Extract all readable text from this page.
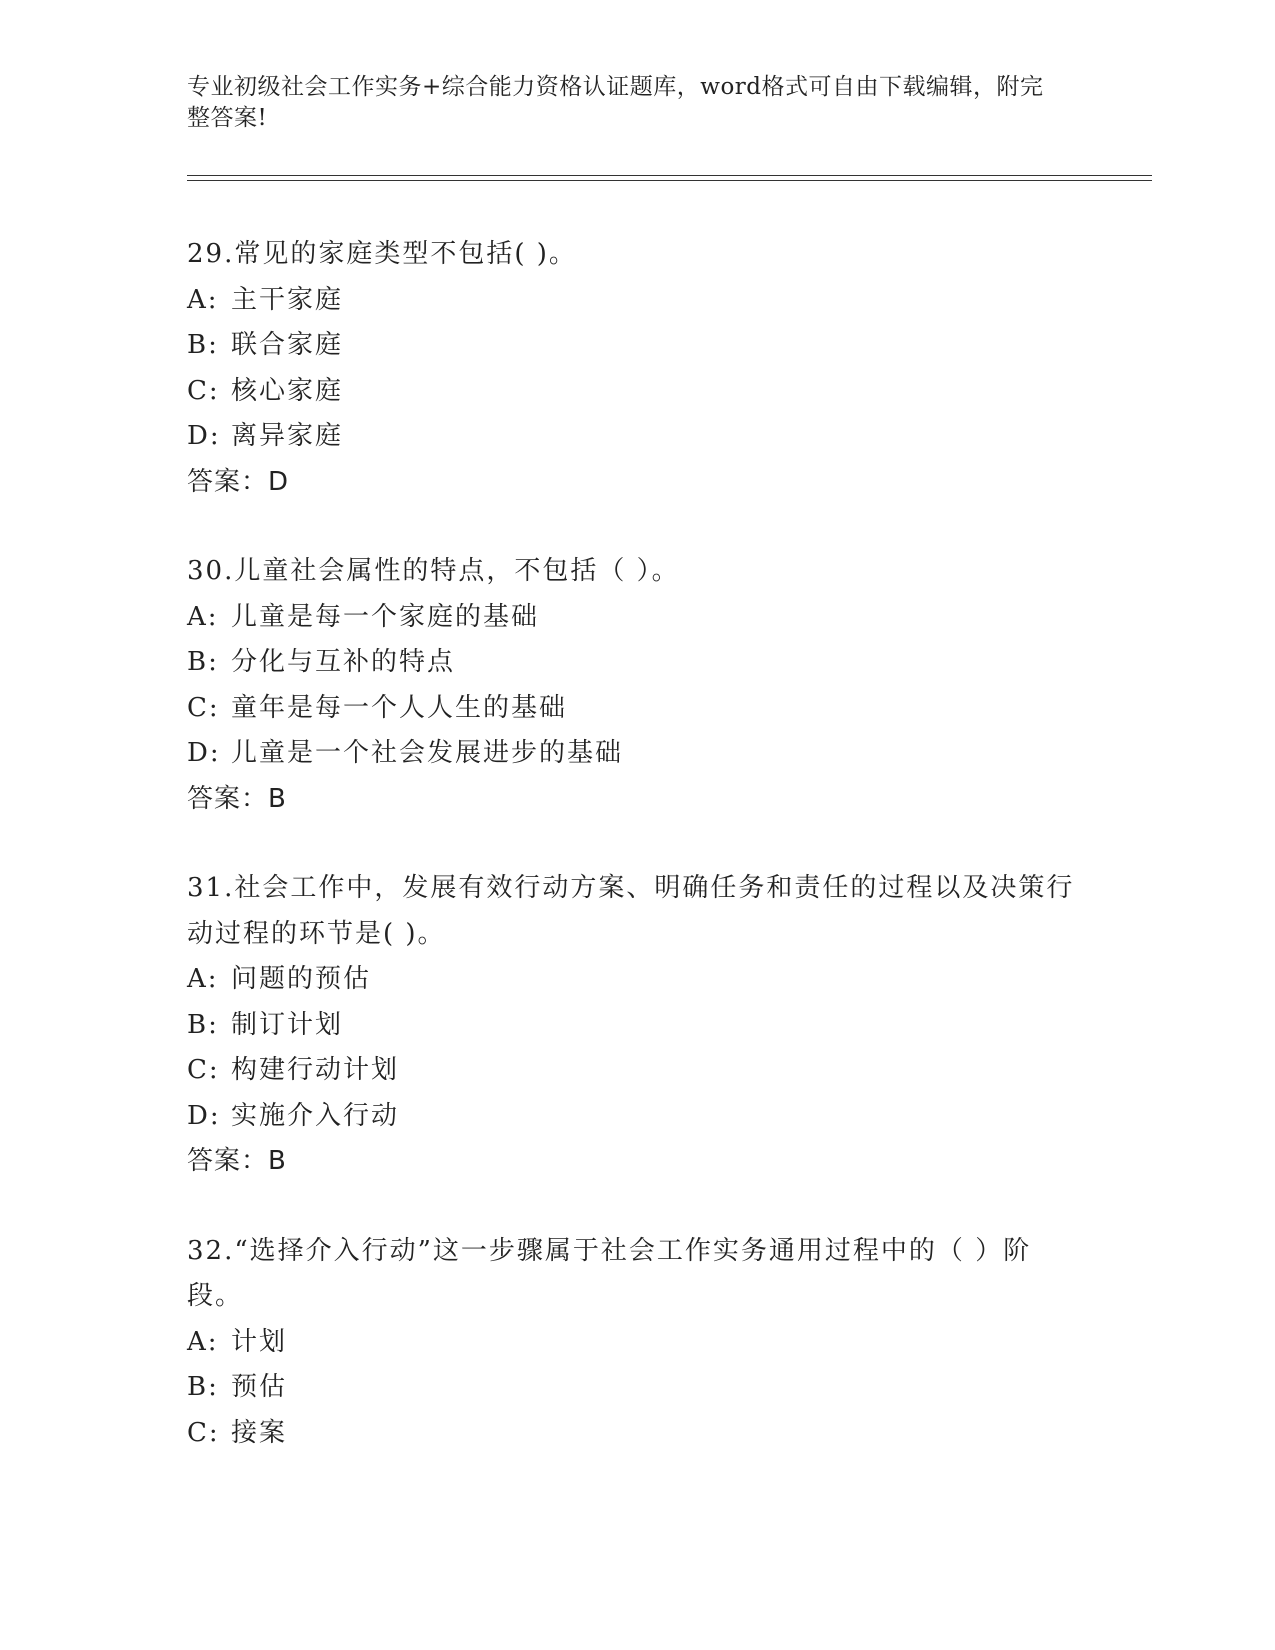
专业初级社会工作实务+综合能力资格认证题库，word格式可自由下载编辑，附完
整答案!
29.常见的家庭类型不包括( )。
A: 主干家庭
B: 联合家庭
C: 核心家庭
D: 离异家庭
答案：D
30.儿童社会属性的特点，不包括（ ）。
A: 儿童是每一个家庭的基础
B: 分化与互补的特点
C: 童年是每一个人人生的基础
D: 儿童是一个社会发展进步的基础
答案：B
31.社会工作中，发展有效行动方案、明确任务和责任的过程以及决策行动过程的环节是( )。
A: 问题的预估
B: 制订计划
C: 构建行动计划
D: 实施介入行动
答案：B
32.“选择介入行动”这一步骤属于社会工作实务通用过程中的（ ）阶段。
A: 计划
B: 预估
C: 接案
